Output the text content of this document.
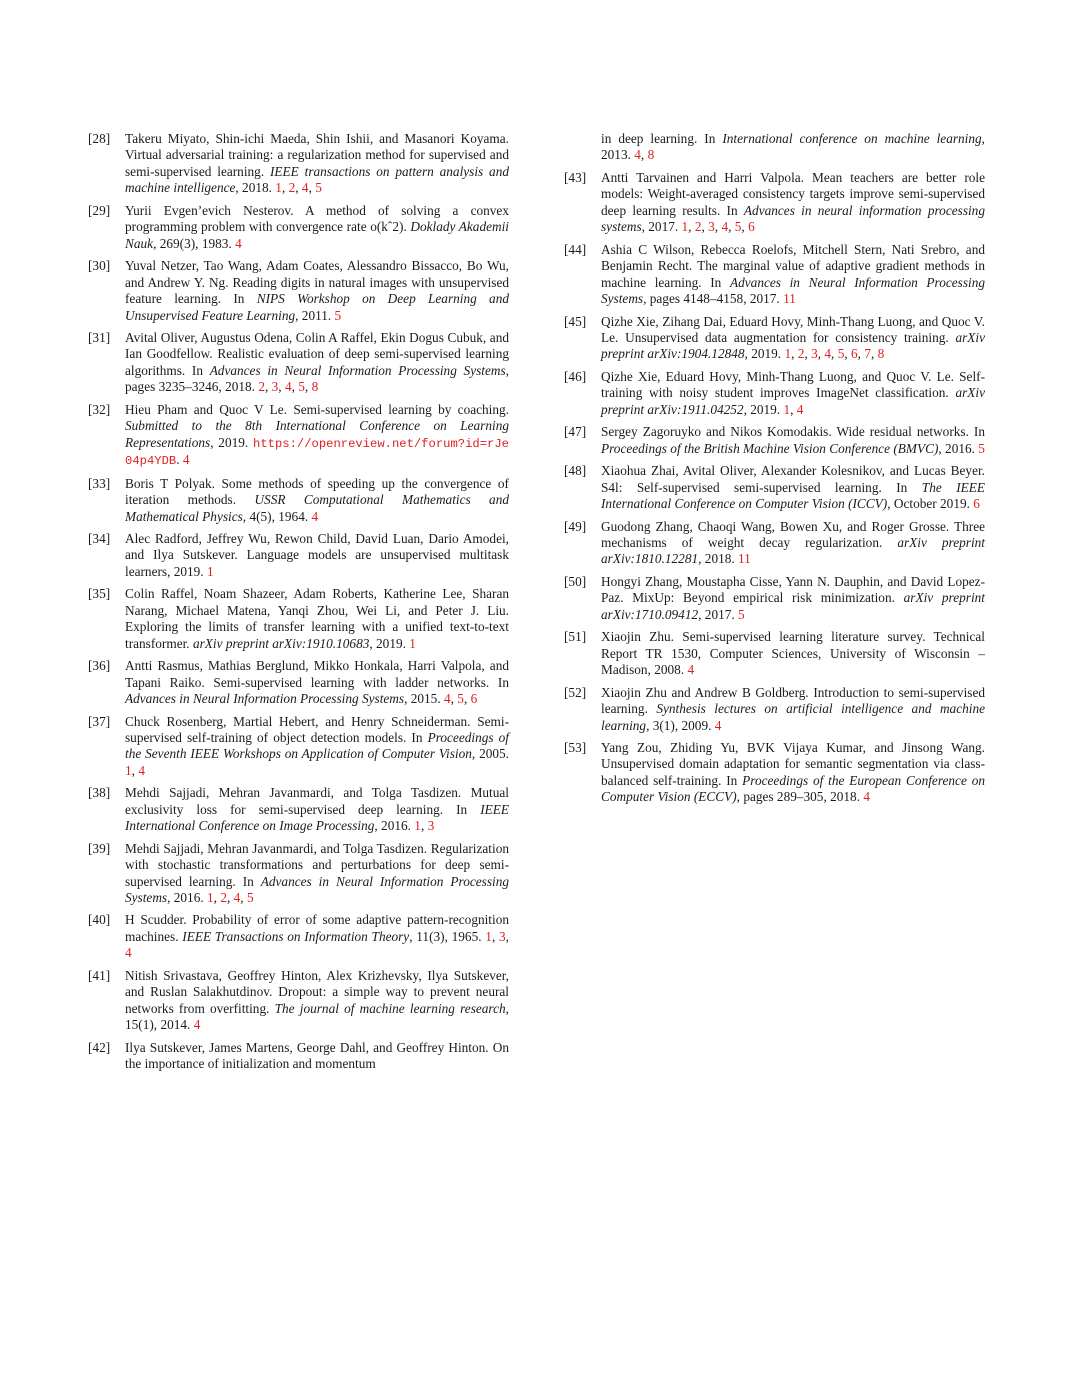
[28] Takeru Miyato, Shin-ichi Maeda, Shin Ishii, and Masanori Koyama. Virtual adversarial training: a regularization method for supervised and semi-supervised learning. IEEE transactions on pattern analysis and machine intelligence, 2018. 1, 2, 4, 5
[29] Yurii Evgen’evich Nesterov. A method of solving a convex programming problem with convergence rate o(kˆ2). Doklady Akademii Nauk, 269(3), 1983. 4
[30] Yuval Netzer, Tao Wang, Adam Coates, Alessandro Bissacco, Bo Wu, and Andrew Y. Ng. Reading digits in natural images with unsupervised feature learning. In NIPS Workshop on Deep Learning and Unsupervised Feature Learning, 2011. 5
[31] Avital Oliver, Augustus Odena, Colin A Raffel, Ekin Dogus Cubuk, and Ian Goodfellow. Realistic evaluation of deep semi-supervised learning algorithms. In Advances in Neural Information Processing Systems, pages 3235–3246, 2018. 2, 3, 4, 5, 8
[32] Hieu Pham and Quoc V Le. Semi-supervised learning by coaching. Submitted to the 8th International Conference on Learning Representations, 2019. https://openreview.net/forum?id=rJe04p4YDB. 4
[33] Boris T Polyak. Some methods of speeding up the convergence of iteration methods. USSR Computational Mathematics and Mathematical Physics, 4(5), 1964. 4
[34] Alec Radford, Jeffrey Wu, Rewon Child, David Luan, Dario Amodei, and Ilya Sutskever. Language models are unsupervised multitask learners, 2019. 1
[35] Colin Raffel, Noam Shazeer, Adam Roberts, Katherine Lee, Sharan Narang, Michael Matena, Yanqi Zhou, Wei Li, and Peter J. Liu. Exploring the limits of transfer learning with a unified text-to-text transformer. arXiv preprint arXiv:1910.10683, 2019. 1
[36] Antti Rasmus, Mathias Berglund, Mikko Honkala, Harri Valpola, and Tapani Raiko. Semi-supervised learning with ladder networks. In Advances in Neural Information Processing Systems, 2015. 4, 5, 6
[37] Chuck Rosenberg, Martial Hebert, and Henry Schneiderman. Semi-supervised self-training of object detection models. In Proceedings of the Seventh IEEE Workshops on Application of Computer Vision, 2005. 1, 4
[38] Mehdi Sajjadi, Mehran Javanmardi, and Tolga Tasdizen. Mutual exclusivity loss for semi-supervised deep learning. In IEEE International Conference on Image Processing, 2016. 1, 3
[39] Mehdi Sajjadi, Mehran Javanmardi, and Tolga Tasdizen. Regularization with stochastic transformations and perturbations for deep semi-supervised learning. In Advances in Neural Information Processing Systems, 2016. 1, 2, 4, 5
[40] H Scudder. Probability of error of some adaptive pattern-recognition machines. IEEE Transactions on Information Theory, 11(3), 1965. 1, 3, 4
[41] Nitish Srivastava, Geoffrey Hinton, Alex Krizhevsky, Ilya Sutskever, and Ruslan Salakhutdinov. Dropout: a simple way to prevent neural networks from overfitting. The journal of machine learning research, 15(1), 2014. 4
[42] Ilya Sutskever, James Martens, George Dahl, and Geoffrey Hinton. On the importance of initialization and momentum
in deep learning. In International conference on machine learning, 2013. 4, 8
[43] Antti Tarvainen and Harri Valpola. Mean teachers are better role models: Weight-averaged consistency targets improve semi-supervised deep learning results. In Advances in neural information processing systems, 2017. 1, 2, 3, 4, 5, 6
[44] Ashia C Wilson, Rebecca Roelofs, Mitchell Stern, Nati Srebro, and Benjamin Recht. The marginal value of adaptive gradient methods in machine learning. In Advances in Neural Information Processing Systems, pages 4148–4158, 2017. 11
[45] Qizhe Xie, Zihang Dai, Eduard Hovy, Minh-Thang Luong, and Quoc V. Le. Unsupervised data augmentation for consistency training. arXiv preprint arXiv:1904.12848, 2019. 1, 2, 3, 4, 5, 6, 7, 8
[46] Qizhe Xie, Eduard Hovy, Minh-Thang Luong, and Quoc V. Le. Self-training with noisy student improves ImageNet classification. arXiv preprint arXiv:1911.04252, 2019. 1, 4
[47] Sergey Zagoruyko and Nikos Komodakis. Wide residual networks. In Proceedings of the British Machine Vision Conference (BMVC), 2016. 5
[48] Xiaohua Zhai, Avital Oliver, Alexander Kolesnikov, and Lucas Beyer. S4l: Self-supervised semi-supervised learning. In The IEEE International Conference on Computer Vision (ICCV), October 2019. 6
[49] Guodong Zhang, Chaoqi Wang, Bowen Xu, and Roger Grosse. Three mechanisms of weight decay regularization. arXiv preprint arXiv:1810.12281, 2018. 11
[50] Hongyi Zhang, Moustapha Cisse, Yann N. Dauphin, and David Lopez-Paz. MixUp: Beyond empirical risk minimization. arXiv preprint arXiv:1710.09412, 2017. 5
[51] Xiaojin Zhu. Semi-supervised learning literature survey. Technical Report TR 1530, Computer Sciences, University of Wisconsin – Madison, 2008. 4
[52] Xiaojin Zhu and Andrew B Goldberg. Introduction to semi-supervised learning. Synthesis lectures on artificial intelligence and machine learning, 3(1), 2009. 4
[53] Yang Zou, Zhiding Yu, BVK Vijaya Kumar, and Jinsong Wang. Unsupervised domain adaptation for semantic segmentation via class-balanced self-training. In Proceedings of the European Conference on Computer Vision (ECCV), pages 289–305, 2018. 4
